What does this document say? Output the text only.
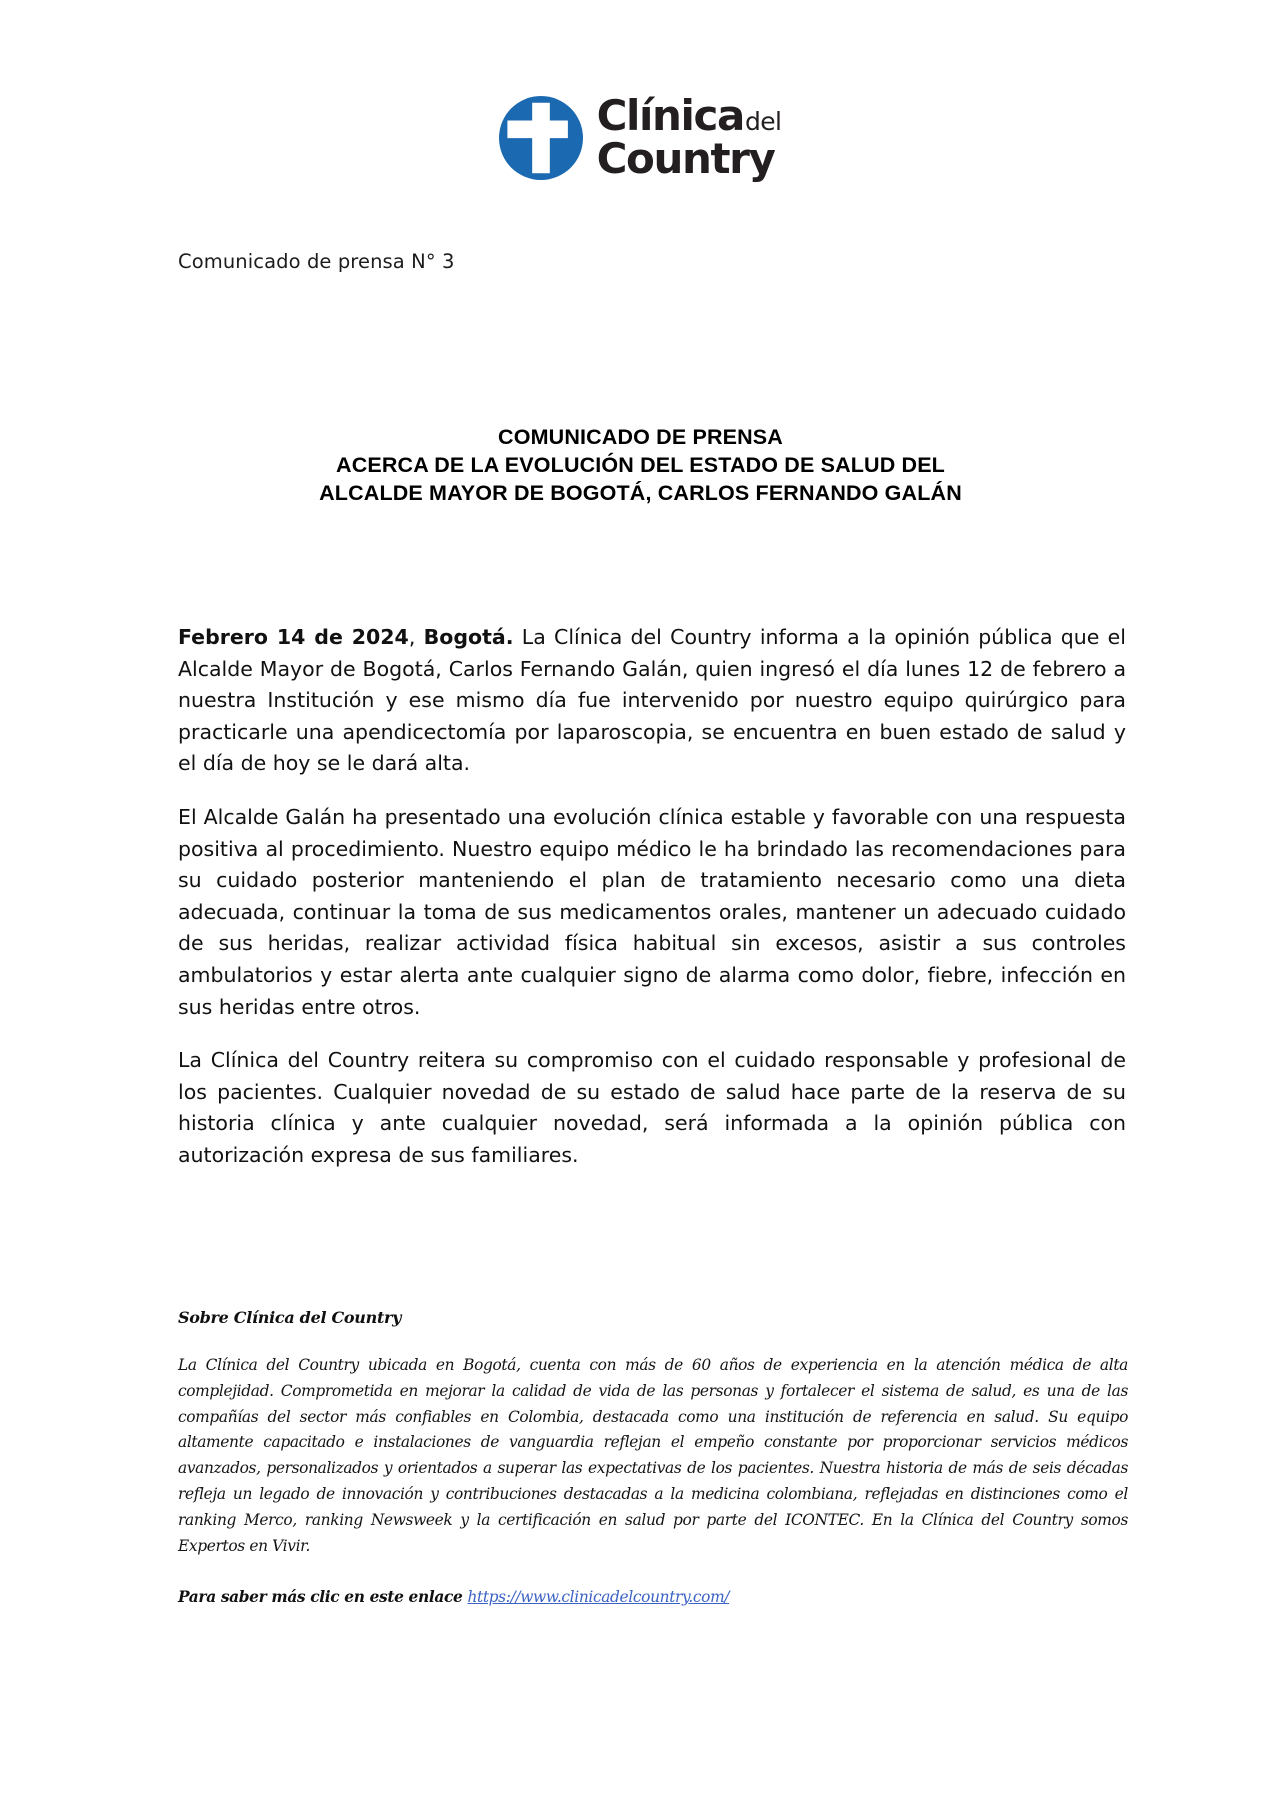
Clínica del
Country
Comunicado de prensa N° 3
COMUNICADO DE PRENSA
ACERCA DE LA EVOLUCIÓN DEL ESTADO DE SALUD DEL
ALCALDE MAYOR DE BOGOTÁ, CARLOS FERNANDO GALÁN

Febrero 14 de 2024, Bogotá. La Clínica del Country informa a la opinión pública que el Alcalde Mayor de Bogotá, Carlos Fernando Galán, quien ingresó el día lunes 12 de febrero a nuestra Institución y ese mismo día fue intervenido por nuestro equipo quirúrgico para practicarle una apendicectomía por laparoscopia, se encuentra en buen estado de salud y el día de hoy se le dará alta.

El Alcalde Galán ha presentado una evolución clínica estable y favorable con una respuesta positiva al procedimiento. Nuestro equipo médico le ha brindado las recomendaciones para su cuidado posterior manteniendo el plan de tratamiento necesario como una dieta adecuada, continuar la toma de sus medicamentos orales, mantener un adecuado cuidado de sus heridas, realizar actividad física habitual sin excesos, asistir a sus controles ambulatorios y estar alerta ante cualquier signo de alarma como dolor, fiebre, infección en sus heridas entre otros.

La Clínica del Country reitera su compromiso con el cuidado responsable y profesional de los pacientes. Cualquier novedad de su estado de salud hace parte de la reserva de su historia clínica y ante cualquier novedad, será informada a la opinión pública con autorización expresa de sus familiares.

Sobre Clínica del Country

La Clínica del Country ubicada en Bogotá, cuenta con más de 60 años de experiencia en la atención médica de alta complejidad. Comprometida en mejorar la calidad de vida de las personas y fortalecer el sistema de salud, es una de las compañías del sector más confiables en Colombia, destacada como una institución de referencia en salud. Su equipo altamente capacitado e instalaciones de vanguardia reflejan el empeño constante por proporcionar servicios médicos avanzados, personalizados y orientados a superar las expectativas de los pacientes. Nuestra historia de más de seis décadas refleja un legado de innovación y contribuciones destacadas a la medicina colombiana, reflejadas en distinciones como el ranking Merco, ranking Newsweek y la certificación en salud por parte del ICONTEC. En la Clínica del Country somos Expertos en Vivir.

Para saber más clic en este enlace https://www.clinicadelcountry.com/
